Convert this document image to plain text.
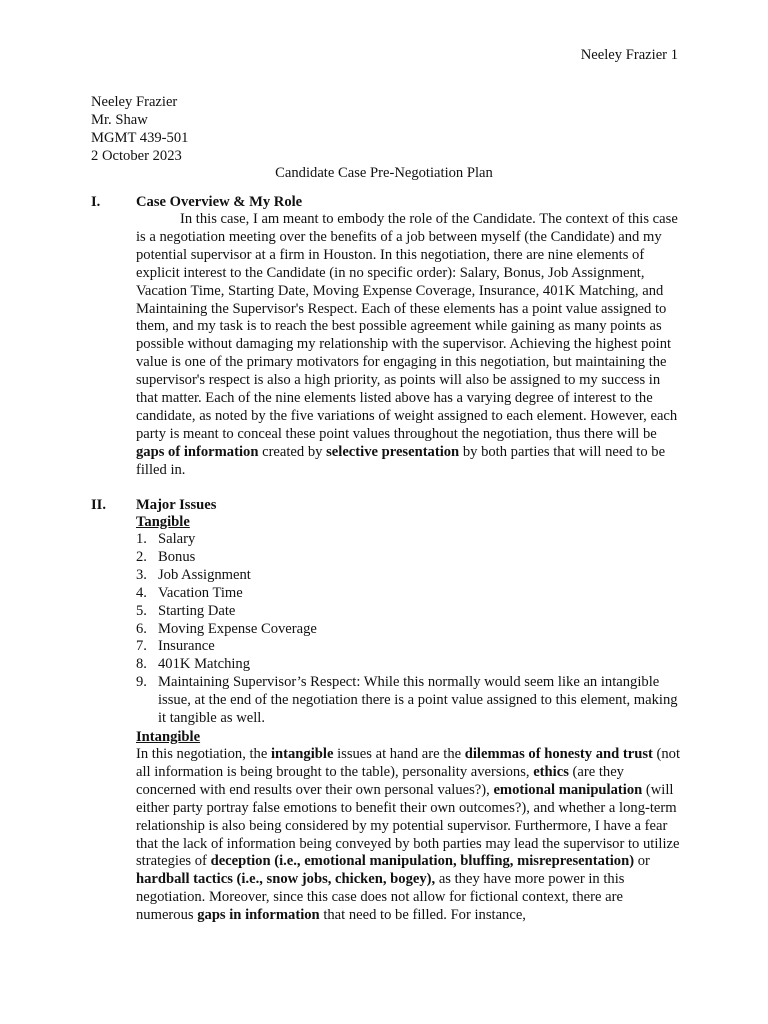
Neeley Frazier 1
Neeley Frazier
Mr. Shaw
MGMT 439-501
2 October 2023
Candidate Case Pre-Negotiation Plan
I. Case Overview & My Role

In this case, I am meant to embody the role of the Candidate. The context of this case is a negotiation meeting over the benefits of a job between myself (the Candidate) and my potential supervisor at a firm in Houston. In this negotiation, there are nine elements of explicit interest to the Candidate (in no specific order): Salary, Bonus, Job Assignment, Vacation Time, Starting Date, Moving Expense Coverage, Insurance, 401K Matching, and Maintaining the Supervisor's Respect. Each of these elements has a point value assigned to them, and my task is to reach the best possible agreement while gaining as many points as possible without damaging my relationship with the supervisor. Achieving the highest point value is one of the primary motivators for engaging in this negotiation, but maintaining the supervisor's respect is also a high priority, as points will also be assigned to my success in that matter. Each of the nine elements listed above has a varying degree of interest to the candidate, as noted by the five variations of weight assigned to each element. However, each party is meant to conceal these point values throughout the negotiation, thus there will be gaps of information created by selective presentation by both parties that will need to be filled in.

II. Major Issues
Tangible
1. Salary
2. Bonus
3. Job Assignment
4. Vacation Time
5. Starting Date
6. Moving Expense Coverage
7. Insurance
8. 401K Matching
9. Maintaining Supervisor’s Respect: While this normally would seem like an intangible issue, at the end of the negotiation there is a point value assigned to this element, making it tangible as well.
Intangible

In this negotiation, the intangible issues at hand are the dilemmas of honesty and trust (not all information is being brought to the table), personality aversions, ethics (are they concerned with end results over their own personal values?), emotional manipulation (will either party portray false emotions to benefit their own outcomes?), and whether a long-term relationship is also being considered by my potential supervisor. Furthermore, I have a fear that the lack of information being conveyed by both parties may lead the supervisor to utilize strategies of deception (i.e., emotional manipulation, bluffing, misrepresentation) or hardball tactics (i.e., snow jobs, chicken, bogey), as they have more power in this negotiation. Moreover, since this case does not allow for fictional context, there are numerous gaps in information that need to be filled. For instance,
